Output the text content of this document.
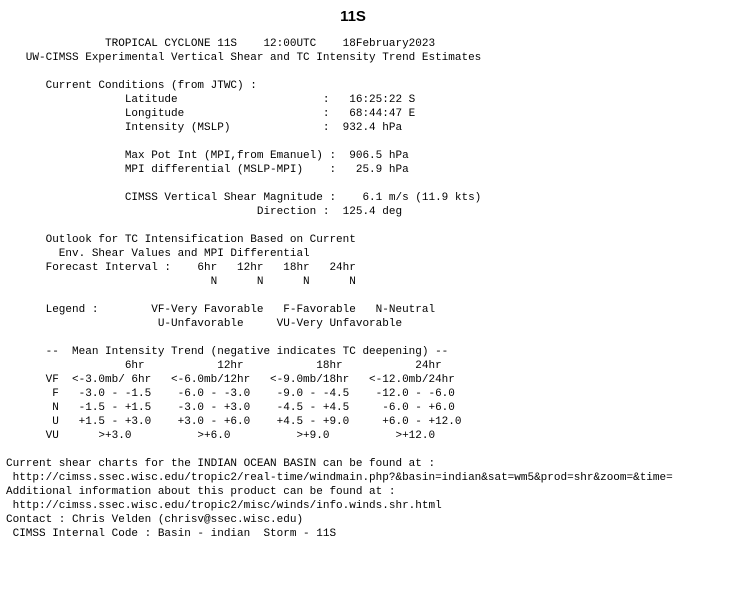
11S
TROPICAL CYCLONE 11S    12:00UTC    18February2023
UW-CIMSS Experimental Vertical Shear and TC Intensity Trend Estimates
Current Conditions (from JTWC) :
Latitude                      :   16:25:22 S
Longitude                     :   68:44:47 E
Intensity (MSLP)              :  932.4 hPa
Max Pot Int (MPI,from Emanuel) :  906.5 hPa
MPI differential (MSLP-MPI)    :   25.9 hPa
CIMSS Vertical Shear Magnitude :    6.1 m/s (11.9 kts)
Direction :  125.4 deg
Outlook for TC Intensification Based on Current
Env. Shear Values and MPI Differential
Forecast Interval :    6hr   12hr   18hr   24hr
N      N      N      N
Legend :        VF-Very Favorable   F-Favorable   N-Neutral
U-Unfavorable     VU-Very Unfavorable
--  Mean Intensity Trend (negative indicates TC deepening) --
6hr           12hr           18hr           24hr
VF  <-3.0mb/ 6hr   <-6.0mb/12hr   <-9.0mb/18hr   <-12.0mb/24hr
F   -3.0 - -1.5    -6.0 - -3.0    -9.0 - -4.5    -12.0 - -6.0
N   -1.5 - +1.5    -3.0 - +3.0    -4.5 - +4.5     -6.0 - +6.0
U   +1.5 - +3.0    +3.0 - +6.0    +4.5 - +9.0     +6.0 - +12.0
VU      >+3.0          >+6.0          >+9.0          >+12.0
Current shear charts for the INDIAN OCEAN BASIN can be found at :
http://cimss.ssec.wisc.edu/tropic2/real-time/windmain.php?&basin=indian&sat=wm5&prod=shr&zoom=&time=
Additional information about this product can be found at :
http://cimss.ssec.wisc.edu/tropic2/misc/winds/info.winds.shr.html
Contact : Chris Velden (chrisv@ssec.wisc.edu)
CIMSS Internal Code : Basin - indian  Storm - 11S
